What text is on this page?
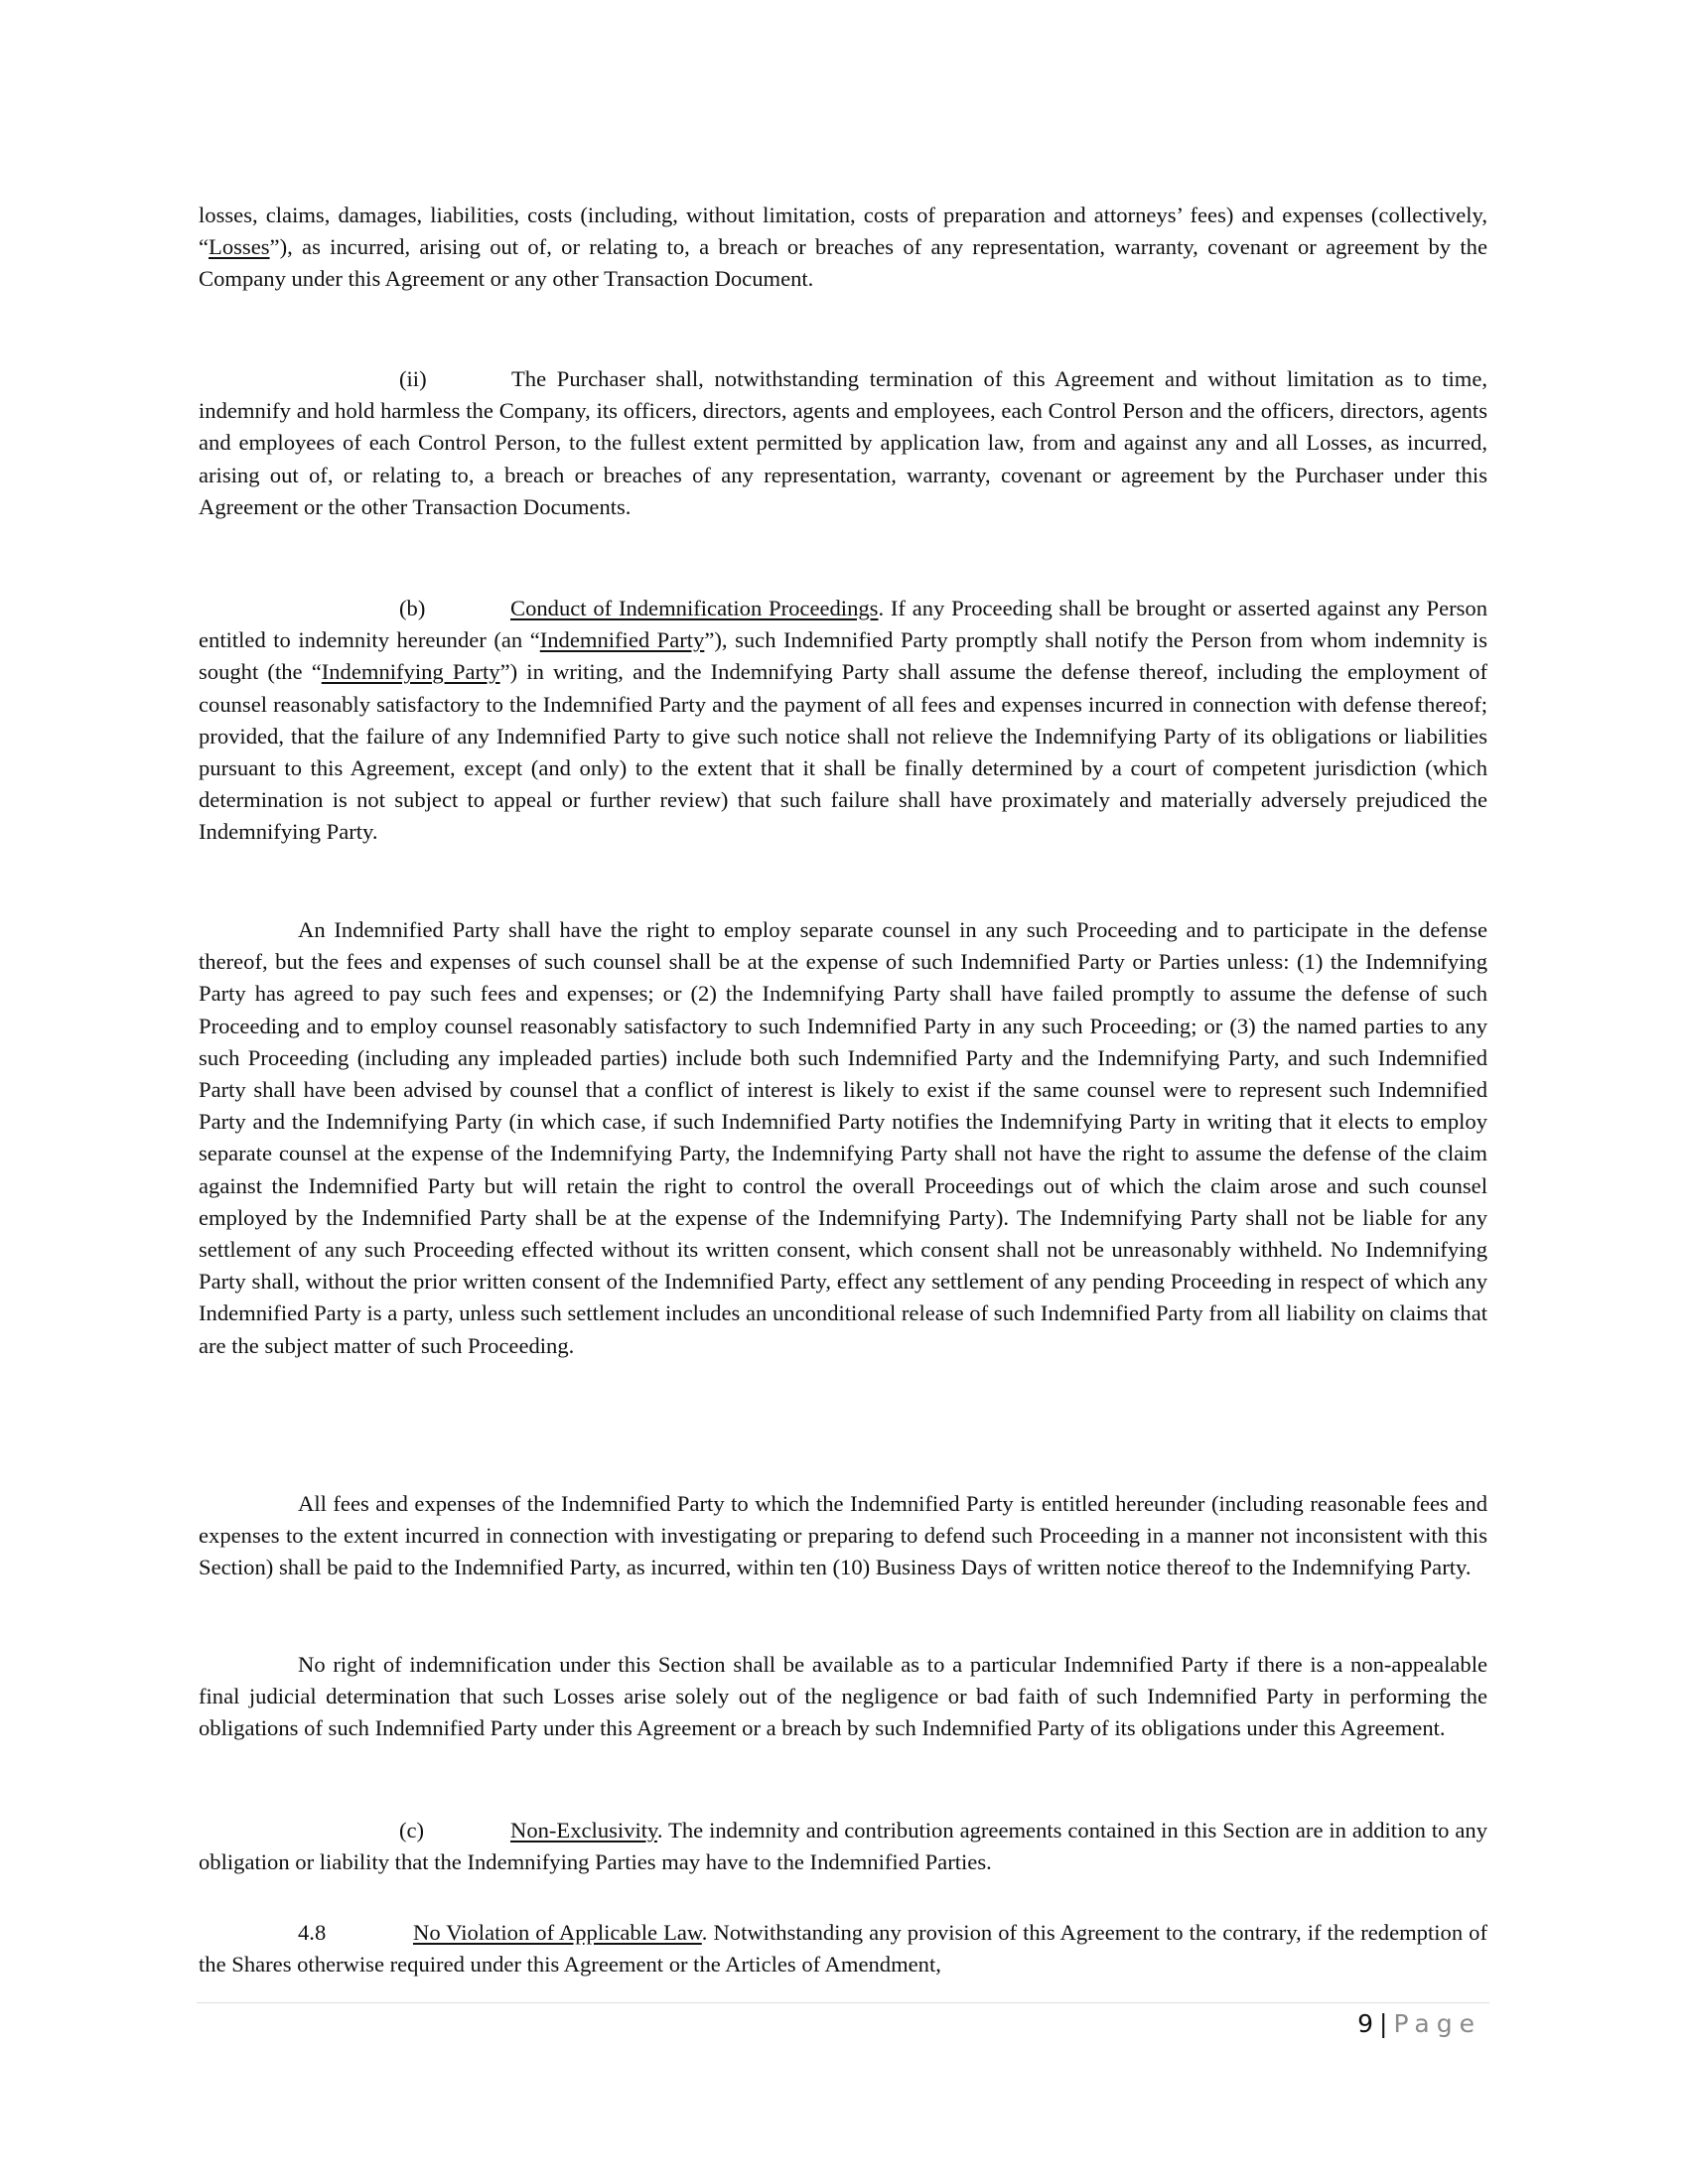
losses, claims, damages, liabilities, costs (including, without limitation, costs of preparation and attorneys’ fees) and expenses (collectively, “Losses”), as incurred, arising out of, or relating to, a breach or breaches of any representation, warranty, covenant or agreement by the Company under this Agreement or any other Transaction Document.

(ii)	The Purchaser shall, notwithstanding termination of this Agreement and without limitation as to time, indemnify and hold harmless the Company, its officers, directors, agents and employees, each Control Person and the officers, directors, agents and employees of each Control Person, to the fullest extent permitted by application law, from and against any and all Losses, as incurred, arising out of, or relating to, a breach or breaches of any representation, warranty, covenant or agreement by the Purchaser under this Agreement or the other Transaction Documents.

(b)	Conduct of Indemnification Proceedings. If any Proceeding shall be brought or asserted against any Person entitled to indemnity hereunder (an “Indemnified Party”), such Indemnified Party promptly shall notify the Person from whom indemnity is sought (the “Indemnifying Party”) in writing, and the Indemnifying Party shall assume the defense thereof, including the employment of counsel reasonably satisfactory to the Indemnified Party and the payment of all fees and expenses incurred in connection with defense thereof; provided, that the failure of any Indemnified Party to give such notice shall not relieve the Indemnifying Party of its obligations or liabilities pursuant to this Agreement, except (and only) to the extent that it shall be finally determined by a court of competent jurisdiction (which determination is not subject to appeal or further review) that such failure shall have proximately and materially adversely prejudiced the Indemnifying Party.

An Indemnified Party shall have the right to employ separate counsel in any such Proceeding and to participate in the defense thereof, but the fees and expenses of such counsel shall be at the expense of such Indemnified Party or Parties unless: (1) the Indemnifying Party has agreed to pay such fees and expenses; or (2) the Indemnifying Party shall have failed promptly to assume the defense of such Proceeding and to employ counsel reasonably satisfactory to such Indemnified Party in any such Proceeding; or (3) the named parties to any such Proceeding (including any impleaded parties) include both such Indemnified Party and the Indemnifying Party, and such Indemnified Party shall have been advised by counsel that a conflict of interest is likely to exist if the same counsel were to represent such Indemnified Party and the Indemnifying Party (in which case, if such Indemnified Party notifies the Indemnifying Party in writing that it elects to employ separate counsel at the expense of the Indemnifying Party, the Indemnifying Party shall not have the right to assume the defense of the claim against the Indemnified Party but will retain the right to control the overall Proceedings out of which the claim arose and such counsel employed by the Indemnified Party shall be at the expense of the Indemnifying Party). The Indemnifying Party shall not be liable for any settlement of any such Proceeding effected without its written consent, which consent shall not be unreasonably withheld. No Indemnifying Party shall, without the prior written consent of the Indemnified Party, effect any settlement of any pending Proceeding in respect of which any Indemnified Party is a party, unless such settlement includes an unconditional release of such Indemnified Party from all liability on claims that are the subject matter of such Proceeding.

All fees and expenses of the Indemnified Party to which the Indemnified Party is entitled hereunder (including reasonable fees and expenses to the extent incurred in connection with investigating or preparing to defend such Proceeding in a manner not inconsistent with this Section) shall be paid to the Indemnified Party, as incurred, within ten (10) Business Days of written notice thereof to the Indemnifying Party.

No right of indemnification under this Section shall be available as to a particular Indemnified Party if there is a non-appealable final judicial determination that such Losses arise solely out of the negligence or bad faith of such Indemnified Party in performing the obligations of such Indemnified Party under this Agreement or a breach by such Indemnified Party of its obligations under this Agreement.

(c)	Non-Exclusivity. The indemnity and contribution agreements contained in this Section are in addition to any obligation or liability that the Indemnifying Parties may have to the Indemnified Parties.

4.8	No Violation of Applicable Law. Notwithstanding any provision of this Agreement to the contrary, if the redemption of the Shares otherwise required under this Agreement or the Articles of Amendment,

9 | Page
